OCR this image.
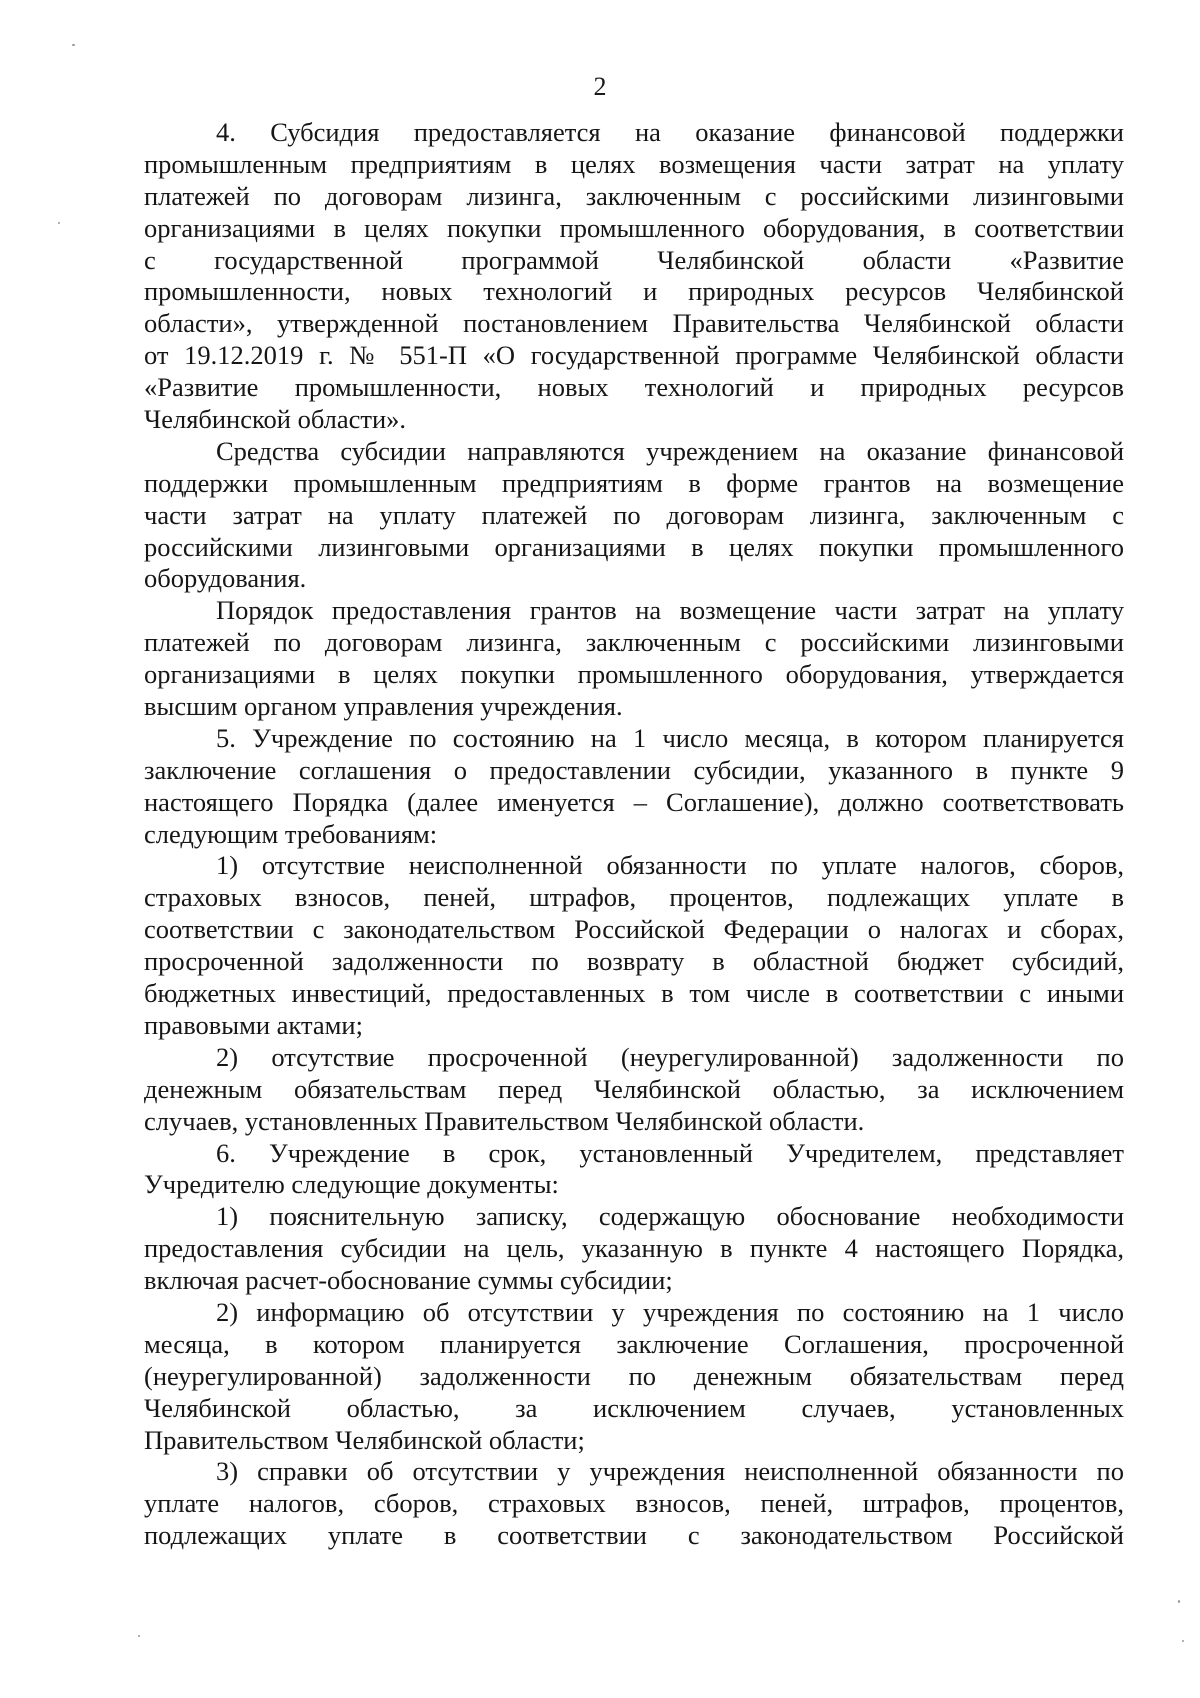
2
4. Субсидия предоставляется на оказание финансовой поддержки
промышленным предприятиям в целях возмещения части затрат на уплату
платежей по договорам лизинга, заключенным с российскими лизинговыми
организациями в целях покупки промышленного оборудования, в соответствии
с государственной программой Челябинской области «Развитие
промышленности, новых технологий и природных ресурсов Челябинской
области», утвержденной постановлением Правительства Челябинской области
от 19.12.2019 г. № 551-П «О государственной программе Челябинской области
«Развитие промышленности, новых технологий и природных ресурсов
Челябинской области».
Средства субсидии направляются учреждением на оказание финансовой
поддержки промышленным предприятиям в форме грантов на возмещение
части затрат на уплату платежей по договорам лизинга, заключенным с
российскими лизинговыми организациями в целях покупки промышленного
оборудования.
Порядок предоставления грантов на возмещение части затрат на уплату
платежей по договорам лизинга, заключенным с российскими лизинговыми
организациями в целях покупки промышленного оборудования, утверждается
высшим органом управления учреждения.
5. Учреждение по состоянию на 1 число месяца, в котором планируется
заключение соглашения о предоставлении субсидии, указанного в пункте 9
настоящего Порядка (далее именуется – Соглашение), должно соответствовать
следующим требованиям:
1) отсутствие неисполненной обязанности по уплате налогов, сборов,
страховых взносов, пеней, штрафов, процентов, подлежащих уплате в
соответствии с законодательством Российской Федерации о налогах и сборах,
просроченной задолженности по возврату в областной бюджет субсидий,
бюджетных инвестиций, предоставленных в том числе в соответствии с иными
правовыми актами;
2) отсутствие просроченной (неурегулированной) задолженности по
денежным обязательствам перед Челябинской областью, за исключением
случаев, установленных Правительством Челябинской области.
6. Учреждение в срок, установленный Учредителем, представляет
Учредителю следующие документы:
1) пояснительную записку, содержащую обоснование необходимости
предоставления субсидии на цель, указанную в пункте 4 настоящего Порядка,
включая расчет-обоснование суммы субсидии;
2) информацию об отсутствии у учреждения по состоянию на 1 число
месяца, в котором планируется заключение Соглашения, просроченной
(неурегулированной) задолженности по денежным обязательствам перед
Челябинской областью, за исключением случаев, установленных
Правительством Челябинской области;
3) справки об отсутствии у учреждения неисполненной обязанности по
уплате налогов, сборов, страховых взносов, пеней, штрафов, процентов,
подлежащих уплате в соответствии с законодательством Российской
